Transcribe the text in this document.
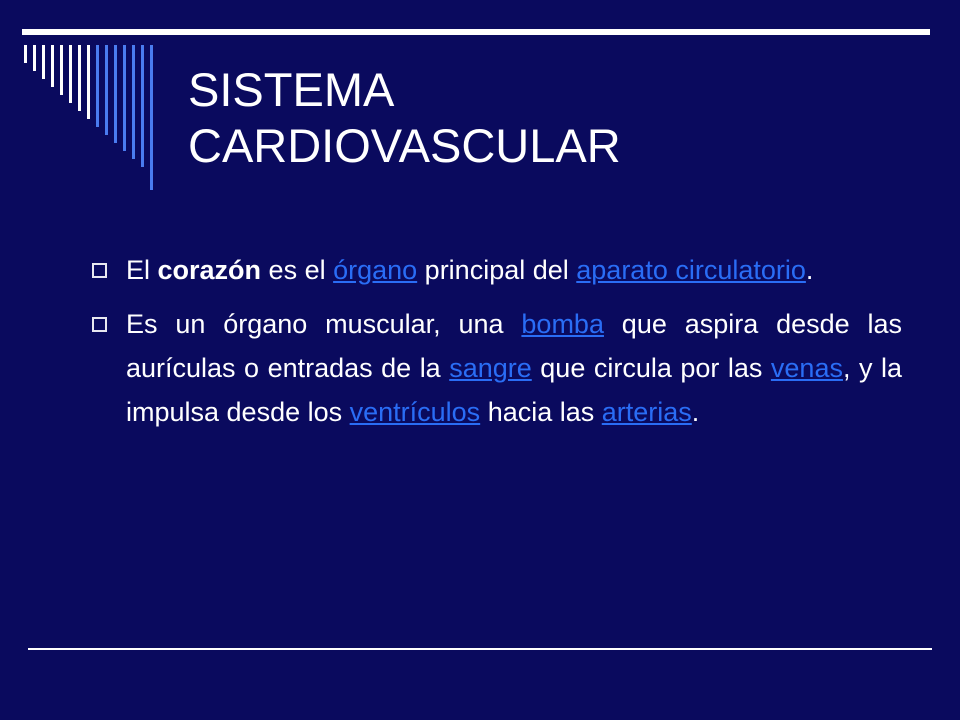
SISTEMA
CARDIOVASCULAR
El corazón es el órgano principal del aparato circulatorio.
Es un órgano muscular, una bomba que aspira desde las aurículas o entradas de la sangre que circula por las venas, y la impulsa desde los ventrículos hacia las arterias.
